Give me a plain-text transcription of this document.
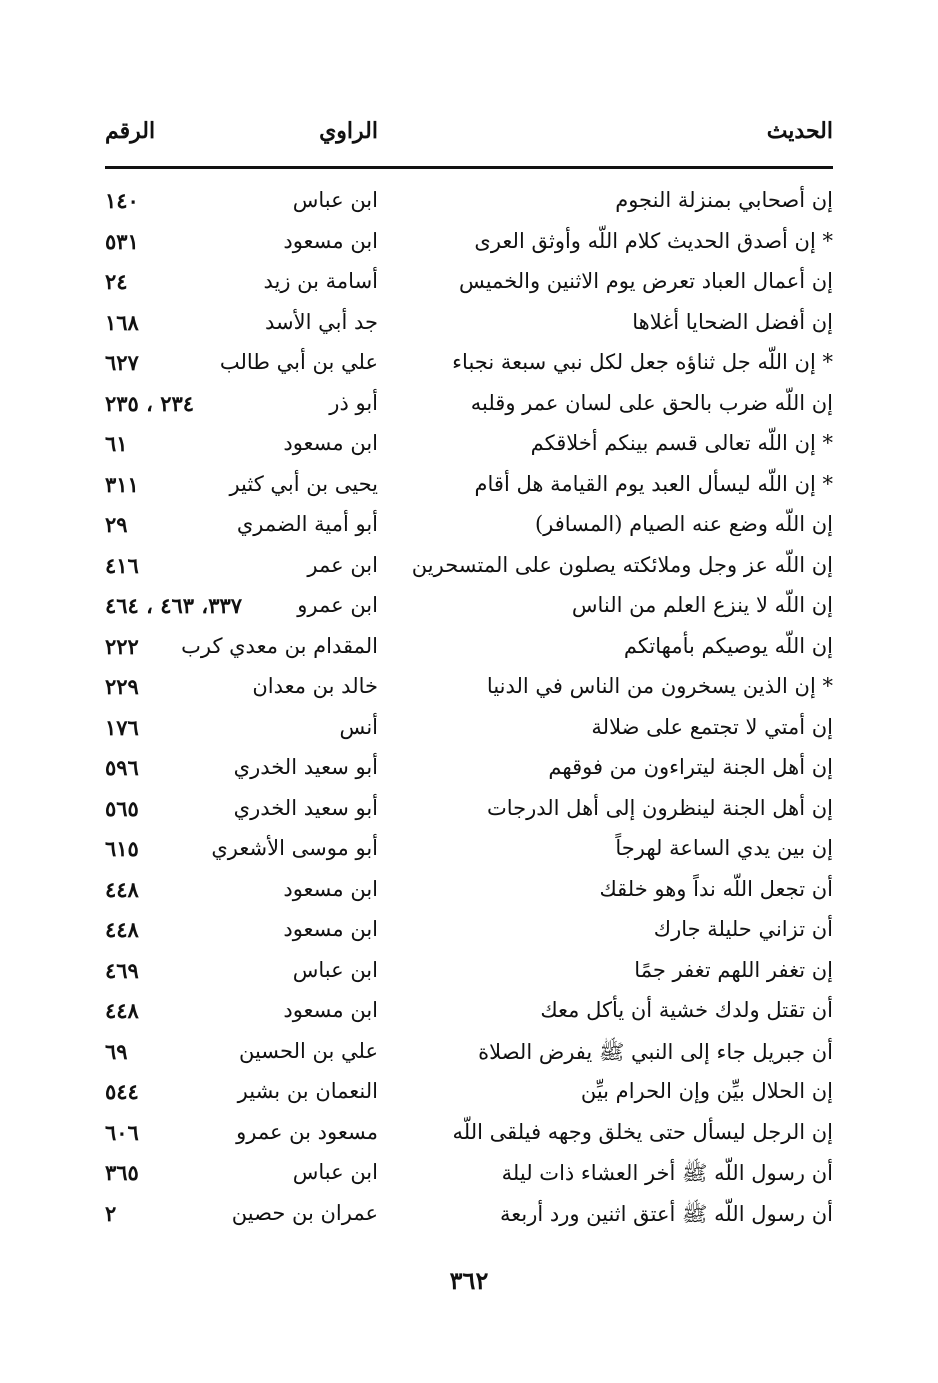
الحديث
الراوي
الرقم
إن أصحابي بمنزلة النجوم
ابن عباس
١٤٠
* إن أصدق الحديث كلام اللّه وأوثق العرى
ابن مسعود
٥٣١
إن أعمال العباد تعرض يوم الاثنين والخميس
أسامة بن زيد
٢٤
إن أفضل الضحايا أغلاها
جد أبي الأسد
١٦٨
* إن اللّه جل ثناؤه جعل لكل نبي سبعة نجباء
علي بن أبي طالب
٦٢٧
إن اللّه ضرب بالحق على لسان عمر وقلبه
أبو ذر
٢٣٤ ، ٢٣٥
* إن اللّه تعالى قسم بينكم أخلاقكم
ابن مسعود
٦١
* إن اللّه ليسأل العبد يوم القيامة هل أقام
يحيى بن أبي كثير
٣١١
إن اللّه وضع عنه الصيام (المسافر)
أبو أمية الضمري
٢٩
إن اللّه عز وجل وملائكته يصلون على المتسحرين
ابن عمر
٤١٦
إن اللّه لا ينزع العلم من الناس
ابن عمرو
٣٣٧، ٤٦٣ ، ٤٦٤
إن اللّه يوصيكم بأمهاتكم
المقدام بن معدي كرب
٢٢٢
* إن الذين يسخرون من الناس في الدنيا
خالد بن معدان
٢٢٩
إن أمتي لا تجتمع على ضلالة
أنس
١٧٦
إن أهل الجنة ليتراءون من فوقهم
أبو سعيد الخدري
٥٩٦
إن أهل الجنة لينظرون إلى أهل الدرجات
أبو سعيد الخدري
٥٦٥
إن بين يدي الساعة لهرجاً
أبو موسى الأشعري
٦١٥
أن تجعل اللّه نداً وهو خلقك
ابن مسعود
٤٤٨
أن تزاني حليلة جارك
ابن مسعود
٤٤٨
إن تغفر اللهم تغفر جمًا
ابن عباس
٤٦٩
أن تقتل ولدك خشية أن يأكل معك
ابن مسعود
٤٤٨
أن جبريل جاء إلى النبي ﷺ يفرض الصلاة
علي بن الحسين
٦٩
إن الحلال بيِّن وإن الحرام بيِّن
النعمان بن بشير
٥٤٤
إن الرجل ليسأل حتى يخلق وجهه فيلقى اللّه
مسعود بن عمرو
٦٠٦
أن رسول اللّه ﷺ أخر العشاء ذات ليلة
ابن عباس
٣٦٥
أن رسول اللّه ﷺ أعتق اثنين ورد أربعة
عمران بن حصين
٢
٣٦٢
